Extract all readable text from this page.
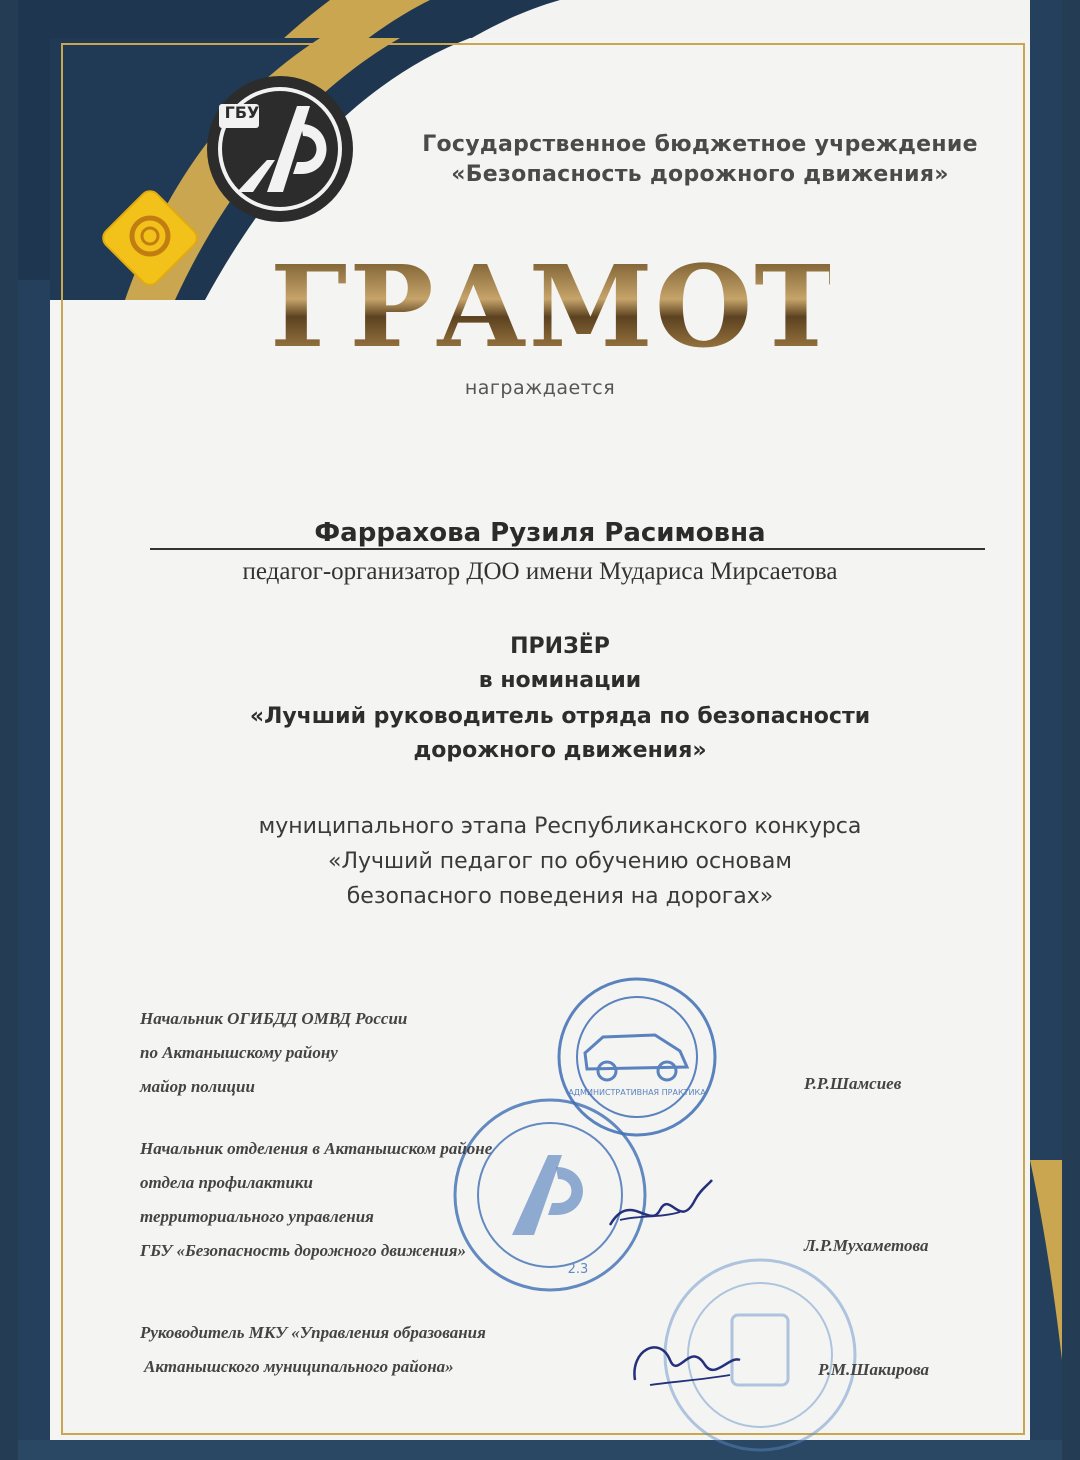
ГБУ
Государственное бюджетное учреждение
«Безопасность дорожного движения»
ГРАМОТА
награждается
Фаррахова Рузиля Расимовна
педагог-организатор ДОО имени Мудариса Мирсаетова
ПРИЗЁР
в номинации
«Лучший руководитель отряда по безопасности
дорожного движения»
муниципального этапа Республиканского конкурса
«Лучший педагог по обучению основам
безопасного поведения на дорогах»
АДМИНИСТРАТИВНАЯ ПРАКТИКА
2.3
Начальник ОГИБДД ОМВД России
по Актанышскому району
майор полиции	Р.Р.Шамсиев
Начальник отделения в Актанышском районе
отдела профилактики
территориального управления
ГБУ «Безопасность дорожного движения»	Л.Р.Мухаметова
Руководитель МКУ «Управления образования
Актанышского муниципального района»	Р.М.Шакирова
